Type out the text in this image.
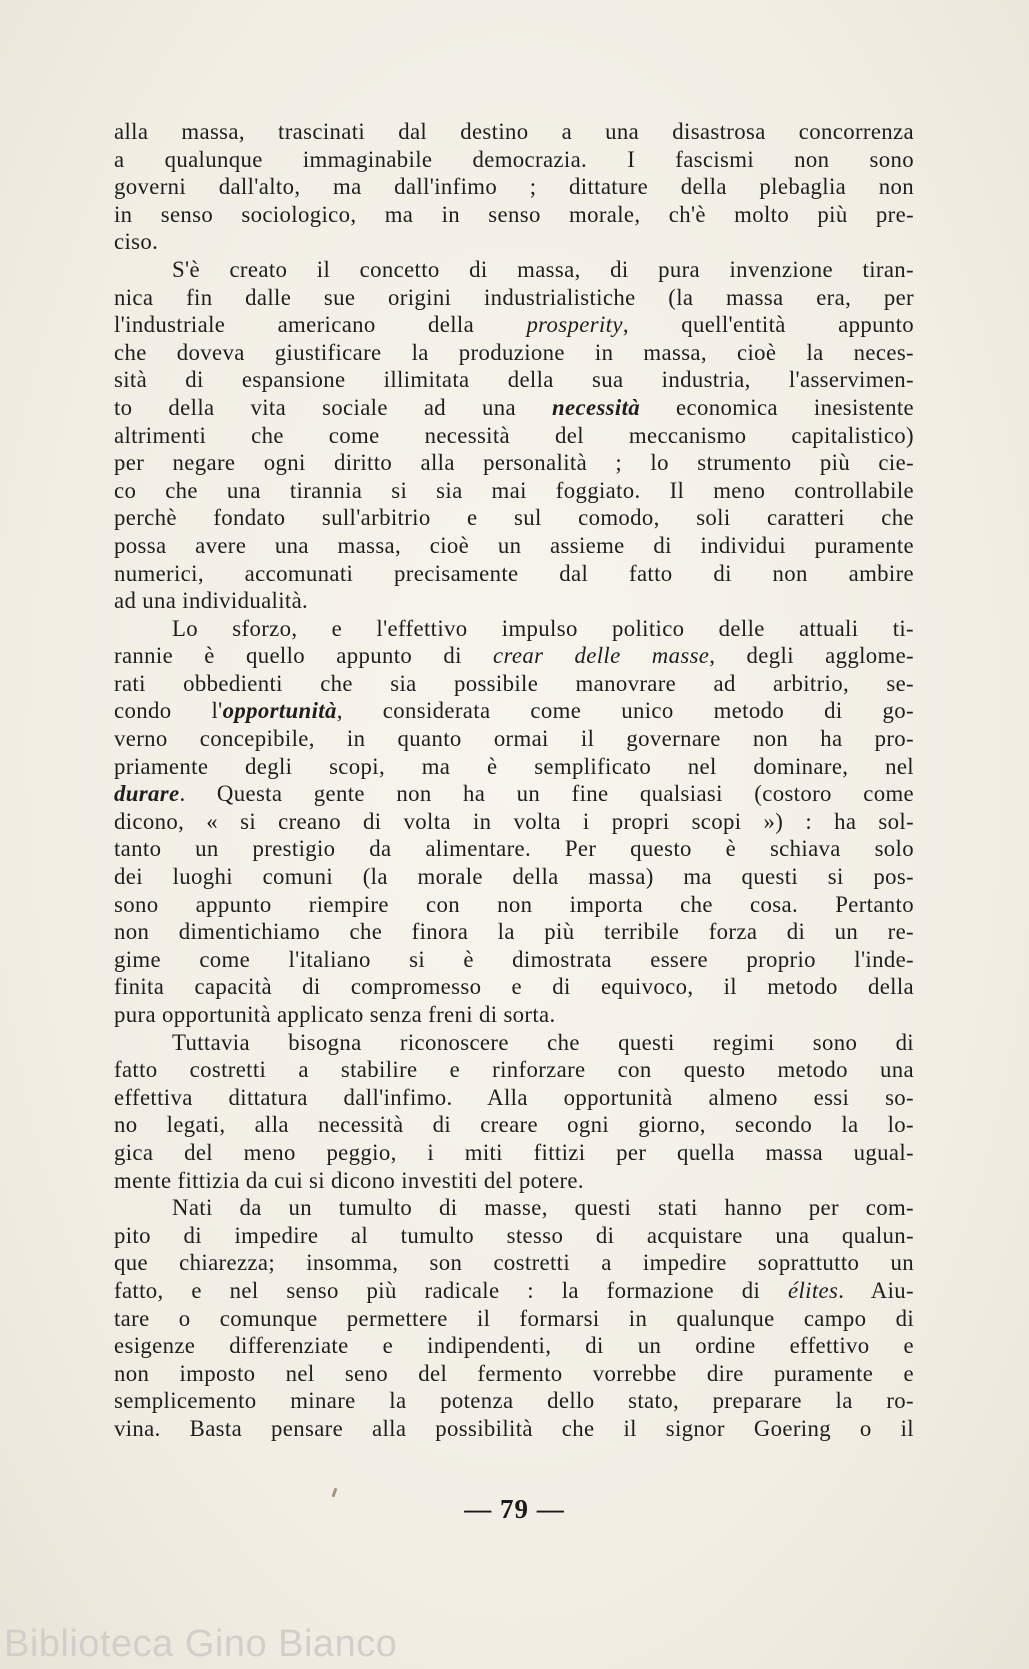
alla massa, trascinati dal destino a una disastrosa concorrenza
a qualunque immaginabile democrazia. I fascismi non sono
governi dall'alto, ma dall'infimo ; dittature della plebaglia non
in senso sociologico, ma in senso morale, ch'è molto più pre-
ciso.
S'è creato il concetto di massa, di pura invenzione tiran-
nica fin dalle sue origini industrialistiche (la massa era, per
l'industriale americano della prosperity, quell'entità appunto
che doveva giustificare la produzione in massa, cioè la neces-
sità di espansione illimitata della sua industria, l'asservimen-
to della vita sociale ad una necessità economica inesistente
altrimenti che come necessità del meccanismo capitalistico)
per negare ogni diritto alla personalità ; lo strumento più cie-
co che una tirannia si sia mai foggiato. Il meno controllabile
perchè fondato sull'arbitrio e sul comodo, soli caratteri che
possa avere una massa, cioè un assieme di individui puramente
numerici, accomunati precisamente dal fatto di non ambire
ad una individualità.
Lo sforzo, e l'effettivo impulso politico delle attuali ti-
rannie è quello appunto di crear delle masse, degli agglome-
rati obbedienti che sia possibile manovrare ad arbitrio, se-
condo l'opportunità, considerata come unico metodo di go-
verno concepibile, in quanto ormai il governare non ha pro-
priamente degli scopi, ma è semplificato nel dominare, nel
durare. Questa gente non ha un fine qualsiasi (costoro come
dicono, « si creano di volta in volta i propri scopi ») : ha sol-
tanto un prestigio da alimentare. Per questo è schiava solo
dei luoghi comuni (la morale della massa) ma questi si pos-
sono appunto riempire con non importa che cosa. Pertanto
non dimentichiamo che finora la più terribile forza di un re-
gime come l'italiano si è dimostrata essere proprio l'inde-
finita capacità di compromesso e di equivoco, il metodo della
pura opportunità applicato senza freni di sorta.
Tuttavia bisogna riconoscere che questi regimi sono di
fatto costretti a stabilire e rinforzare con questo metodo una
effettiva dittatura dall'infimo. Alla opportunità almeno essi so-
no legati, alla necessità di creare ogni giorno, secondo la lo-
gica del meno peggio, i miti fittizi per quella massa ugual-
mente fittizia da cui si dicono investiti del potere.
Nati da un tumulto di masse, questi stati hanno per com-
pito di impedire al tumulto stesso di acquistare una qualun-
que chiarezza; insomma, son costretti a impedire soprattutto un
fatto, e nel senso più radicale : la formazione di élites. Aiu-
tare o comunque permettere il formarsi in qualunque campo di
esigenze differenziate e indipendenti, di un ordine effettivo e
non imposto nel seno del fermento vorrebbe dire puramente e
semplicemento minare la potenza dello stato, preparare la ro-
vina. Basta pensare alla possibilità che il signor Goering o il
— 79 —
Biblioteca Gino Bianco
